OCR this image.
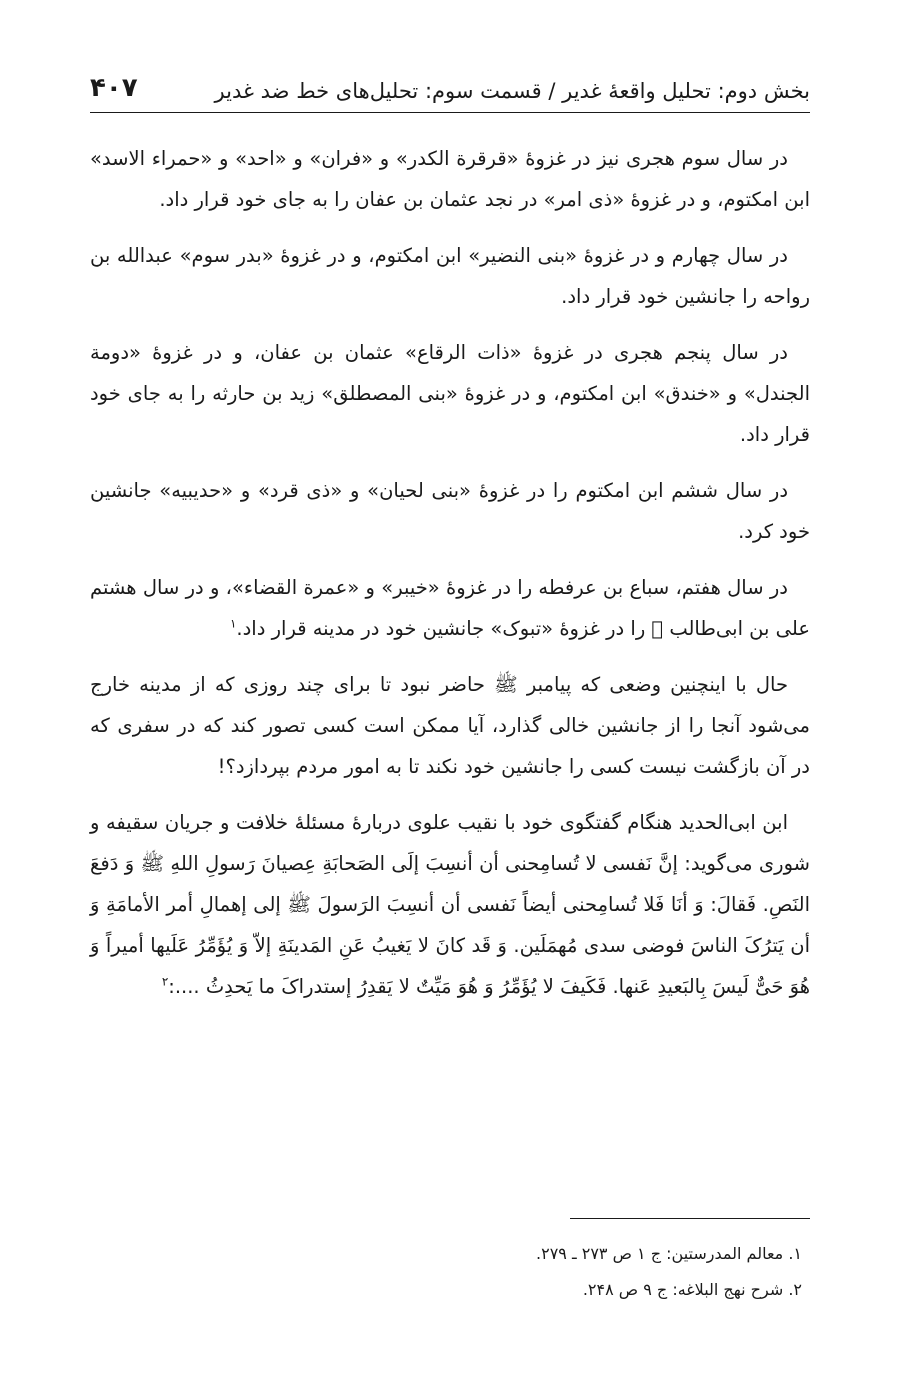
بخش دوم: تحلیل واقعهٔ غدیر / قسمت سوم: تحلیل‌های خط ضد غدیر
۴۰۷

در سال سوم هجری نیز در غزوهٔ «قرقرة الکدر» و «فران» و «احد» و «حمراء الاسد» ابن امکتوم، و در غزوهٔ «ذی امر» در نجد عثمان بن عفان را به جای خود قرار داد.

در سال چهارم و در غزوهٔ «بنی النضیر» ابن امکتوم، و در غزوهٔ «بدر سوم» عبدالله بن رواحه را جانشین خود قرار داد.

در سال پنجم هجری در غزوهٔ «ذات الرقاع» عثمان بن عفان، و در غزوهٔ «دومة الجندل» و «خندق» ابن امکتوم، و در غزوهٔ «بنی المصطلق» زید بن حارثه را به جای خود قرار داد.

در سال ششم ابن امکتوم را در غزوهٔ «بنی لحیان» و «ذی قرد» و «حدیبیه» جانشین خود کرد.

در سال هفتم، سباع بن عرفطه را در غزوهٔ «خیبر» و «عمرة القضاء»، و در سال هشتم علی بن ابی‌طالب ﷣ را در غزوهٔ «تبوک» جانشین خود در مدینه قرار داد.$^۱$

حال با اینچنین وضعی که پیامبر ﷺ حاضر نبود تا برای چند روزی که از مدینه خارج می‌شود آنجا را از جانشین خالی گذارد، آیا ممکن است کسی تصور کند که در سفری که در آن بازگشت نیست کسی را جانشین خود نکند تا به امور مردم بپردازد؟!

ابن ابی‌الحدید هنگام گفتگوی خود با نقیب علوی دربارهٔ مسئلهٔ خلافت و جریان سقیفه و شوری می‌گوید: إنَّ نَفسی لا تُسامِحنی أن أنسِبَ إلَی الصَحابَةِ عِصیانَ رَسولِ اللهِ ﷺ وَ دَفعَ النَصِ. فَقالَ: وَ أنَا فَلا تُسامِحنی أیضاً نَفسی أن أنسِبَ الرَسولَ ﷺ إلی إهمالِ أمر الأمامَةِ وَ أن یَترُکَ الناسَ فوضی سدی مُهمَلَین. وَ قَد کانَ لا یَغیبُ عَنِ المَدینَةِ إلاّ وَ یُؤَمِّرُ عَلَیها أمیراً وَ هُوَ حَیٌّ لَیسَ بِالبَعیدِ عَنها. فَکَیفَ لا یُؤَمِّرُ وَ هُوَ مَیِّتٌ لا یَقدِرُ إستدراکَ ما یَحدِثُ ....:$^۲$

۱. معالم المدرستین: ج ۱ ص ۲۷۳ ـ ۲۷۹.
۲. شرح نهج البلاغه: ج ۹ ص ۲۴۸.
